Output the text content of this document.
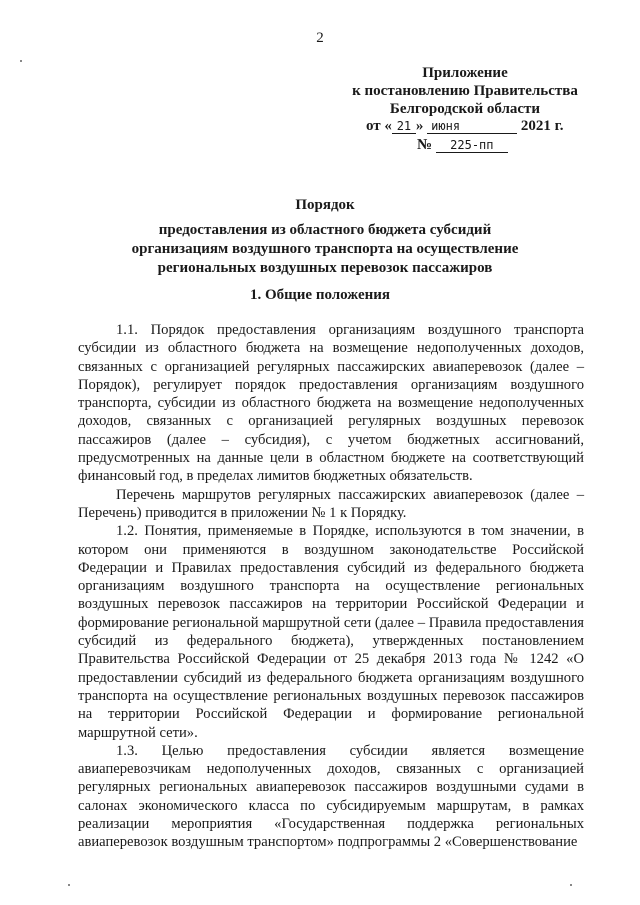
2
Приложение
к постановлению Правительства
Белгородской области
от « 21 » июня	2021 г.
№ 225-пп
Порядок
предоставления из областного бюджета субсидий
организациям воздушного транспорта на осуществление
региональных воздушных перевозок пассажиров
1. Общие положения

1.1. Порядок предоставления организациям воздушного транспорта субсидии из областного бюджета на возмещение недополученных доходов, связанных с организацией регулярных пассажирских авиаперевозок (далее – Порядок), регулирует порядок предоставления организациям воздушного транспорта, субсидии из областного бюджета на возмещение недополученных доходов, связанных с организацией регулярных воздушных перевозок пассажиров (далее – субсидия), с учетом бюджетных ассигнований, предусмотренных на данные цели в областном бюджете на соответствующий финансовый год, в пределах лимитов бюджетных обязательств.

Перечень маршрутов регулярных пассажирских авиаперевозок (далее – Перечень) приводится в приложении № 1 к Порядку.

1.2. Понятия, применяемые в Порядке, используются в том значении, в котором они применяются в воздушном законодательстве Российской Федерации и Правилах предоставления субсидий из федерального бюджета организациям воздушного транспорта на осуществление региональных воздушных перевозок пассажиров на территории Российской Федерации и формирование региональной маршрутной сети (далее – Правила предоставления субсидий из федерального бюджета), утвержденных постановлением Правительства Российской Федерации от 25 декабря 2013 года № 1242 «О предоставлении субсидий из федерального бюджета организациям воздушного транспорта на осуществление региональных воздушных перевозок пассажиров на территории Российской Федерации и формирование региональной маршрутной сети».

1.3. Целью предоставления субсидии является возмещение авиаперевозчикам недополученных доходов, связанных с организацией регулярных региональных авиаперевозок пассажиров воздушными судами в салонах экономического класса по субсидируемым маршрутам, в рамках реализации мероприятия «Государственная поддержка региональных авиаперевозок воздушным транспортом» подпрограммы 2 «Совершенствование
